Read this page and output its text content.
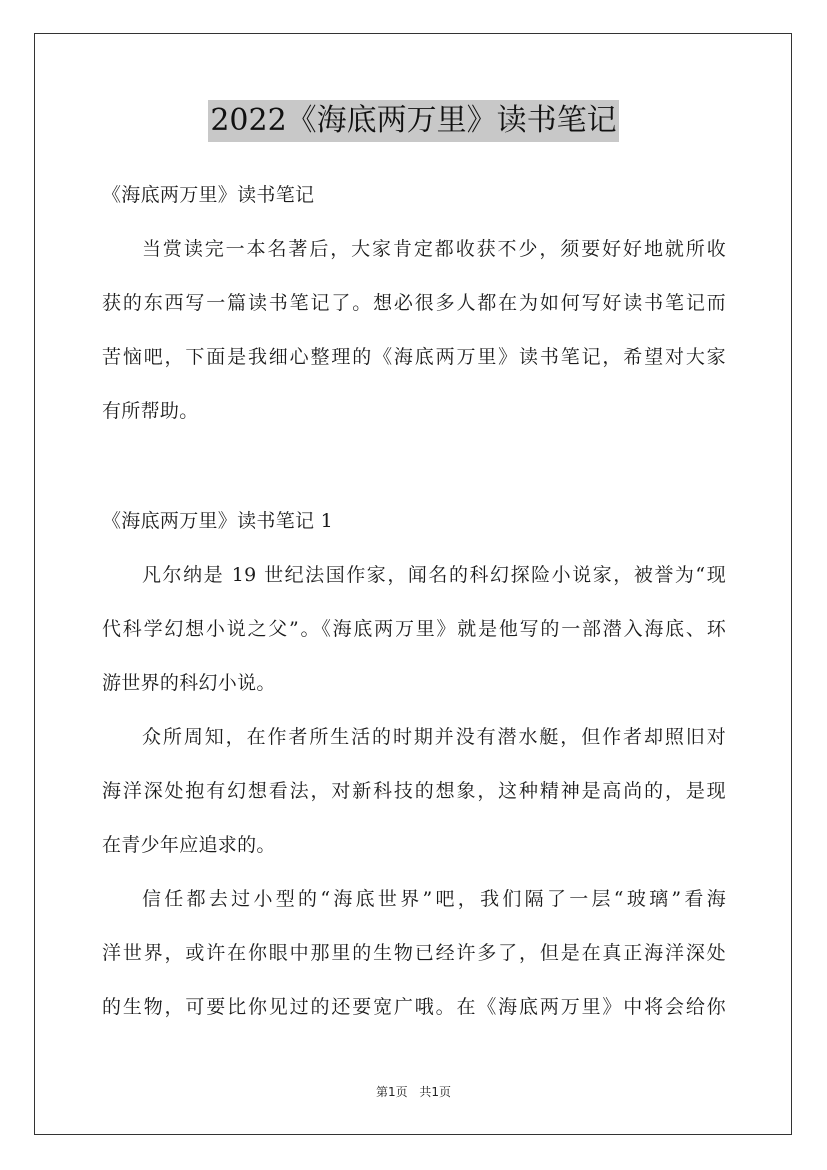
2022《海底两万里》读书笔记
《海底两万里》读书笔记
当赏读完一本名著后，大家肯定都收获不少，须要好好地就所收
获的东西写一篇读书笔记了。想必很多人都在为如何写好读书笔记而
苦恼吧，下面是我细心整理的《海底两万里》读书笔记，希望对大家
有所帮助。
《海底两万里》读书笔记 1
凡尔纳是 19 世纪法国作家，闻名的科幻探险小说家，被誉为“现
代科学幻想小说之父”。《海底两万里》就是他写的一部潜入海底、环
游世界的科幻小说。
众所周知，在作者所生活的时期并没有潜水艇，但作者却照旧对
海洋深处抱有幻想看法，对新科技的想象，这种精神是高尚的，是现
在青少年应追求的。
信任都去过小型的“海底世界”吧，我们隔了一层“玻璃”看海
洋世界，或许在你眼中那里的生物已经许多了，但是在真正海洋深处
的生物，可要比你见过的还要宽广哦。在《海底两万里》中将会给你
第1页 共1页
